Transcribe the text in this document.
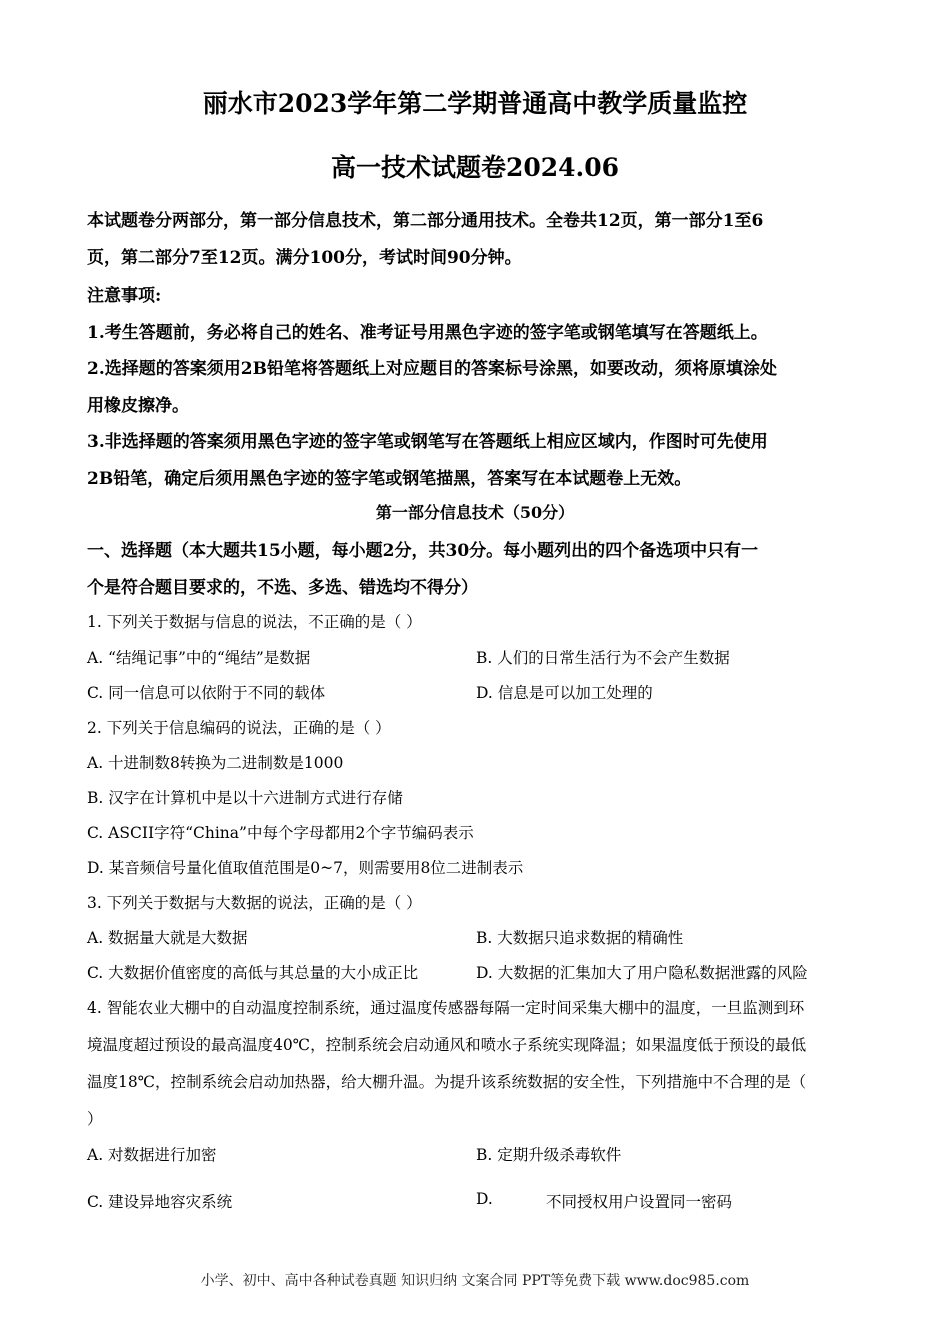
丽水市2023学年第二学期普通高中教学质量监控
高一技术试题卷2024.06
本试题卷分两部分，第一部分信息技术，第二部分通用技术。全卷共12页，第一部分1至6
页，第二部分7至12页。满分100分，考试时间90分钟。
注意事项:
1.考生答题前，务必将自己的姓名、准考证号用黑色字迹的签字笔或钢笔填写在答题纸上。
2.选择题的答案须用2B铅笔将答题纸上对应题目的答案标号涂黑，如要改动，须将原填涂处
用橡皮擦净。
3.非选择题的答案须用黑色字迹的签字笔或钢笔写在答题纸上相应区域内，作图时可先使用
2B铅笔，确定后须用黑色字迹的签字笔或钢笔描黑，答案写在本试题卷上无效。
第一部分信息技术（50分）
一、选择题（本大题共15小题，每小题2分，共30分。每小题列出的四个备选项中只有一
个是符合题目要求的，不选、多选、错选均不得分）
1. 下列关于数据与信息的说法，不正确的是（ ）
A. “结绳记事”中的“绳结”是数据	B. 人们的日常生活行为不会产生数据
C. 同一信息可以依附于不同的载体	D. 信息是可以加工处理的
2. 下列关于信息编码的说法，正确的是（ ）
A. 十进制数8转换为二进制数是1000
B. 汉字在计算机中是以十六进制方式进行存储
C. ASCII字符“China”中每个字母都用2个字节编码表示
D. 某音频信号量化值取值范围是0~7，则需要用8位二进制表示
3. 下列关于数据与大数据的说法，正确的是（ ）
A. 数据量大就是大数据	B. 大数据只追求数据的精确性
C. 大数据价值密度的高低与其总量的大小成正比	D. 大数据的汇集加大了用户隐私数据泄露的风险
4. 智能农业大棚中的自动温度控制系统，通过温度传感器每隔一定时间采集大棚中的温度，一旦监测到环
境温度超过预设的最高温度40℃，控制系统会启动通风和喷水子系统实现降温；如果温度低于预设的最低
温度18℃，控制系统会启动加热器，给大棚升温。为提升该系统数据的安全性，下列措施中不合理的是（
）
A. 对数据进行加密	B. 定期升级杀毒软件
C. 建设异地容灾系统	D.	不同授权用户设置同一密码
小学、初中、高中各种试卷真题 知识归纳 文案合同 PPT等免费下载 www.doc985.com
